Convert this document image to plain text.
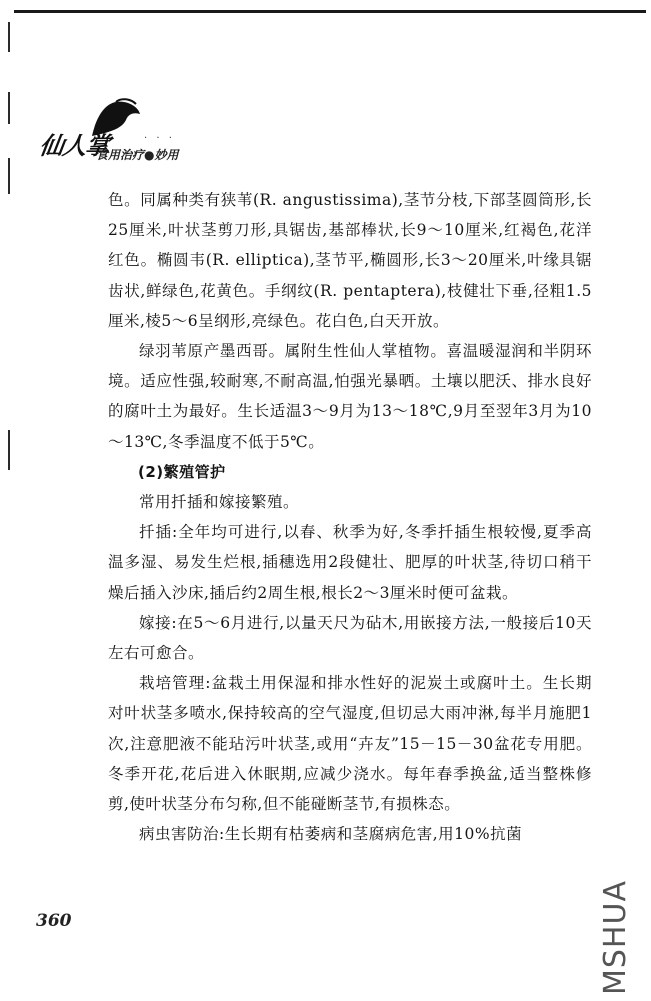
仙人掌	. . .
食用治疗●妙用

色。同属种类有狭苇(R. angustissima),茎节分枝,下部茎圆筒形,长25厘米,叶状茎剪刀形,具锯齿,基部棒状,长9～10厘米,红褐色,花洋红色。椭圆韦(R. elliptica),茎节平,椭圆形,长3～20厘米,叶缘具锯齿状,鲜绿色,花黄色。手纲纹(R. pentaptera),枝健壮下垂,径粗1.5厘米,棱5～6呈纲形,亮绿色。花白色,白天开放。

绿羽苇原产墨西哥。属附生性仙人掌植物。喜温暖湿润和半阴环境。适应性强,较耐寒,不耐高温,怕强光暴晒。土壤以肥沃、排水良好的腐叶土为最好。生长适温3～9月为13～18℃,9月至翌年3月为10～13℃,冬季温度不低于5℃。

(2)繁殖管护

常用扦插和嫁接繁殖。

扦插:全年均可进行,以春、秋季为好,冬季扦插生根较慢,夏季高温多湿、易发生烂根,插穗选用2段健壮、肥厚的叶状茎,待切口稍干燥后插入沙床,插后约2周生根,根长2～3厘米时便可盆栽。

嫁接:在5～6月进行,以量天尺为砧木,用嵌接方法,一般接后10天左右可愈合。

栽培管理:盆栽土用保湿和排水性好的泥炭土或腐叶土。生长期对叶状茎多喷水,保持较高的空气湿度,但切忌大雨冲淋,每半月施肥1次,注意肥液不能玷污叶状茎,或用“卉友”15－15－30盆花专用肥。冬季开花,花后进入休眠期,应减少浇水。每年春季换盆,适当整株修剪,使叶状茎分布匀称,但不能碰断茎节,有损株态。

病虫害防治:生长期有枯萎病和茎腐病危害,用10%抗菌

360	MSHUA
